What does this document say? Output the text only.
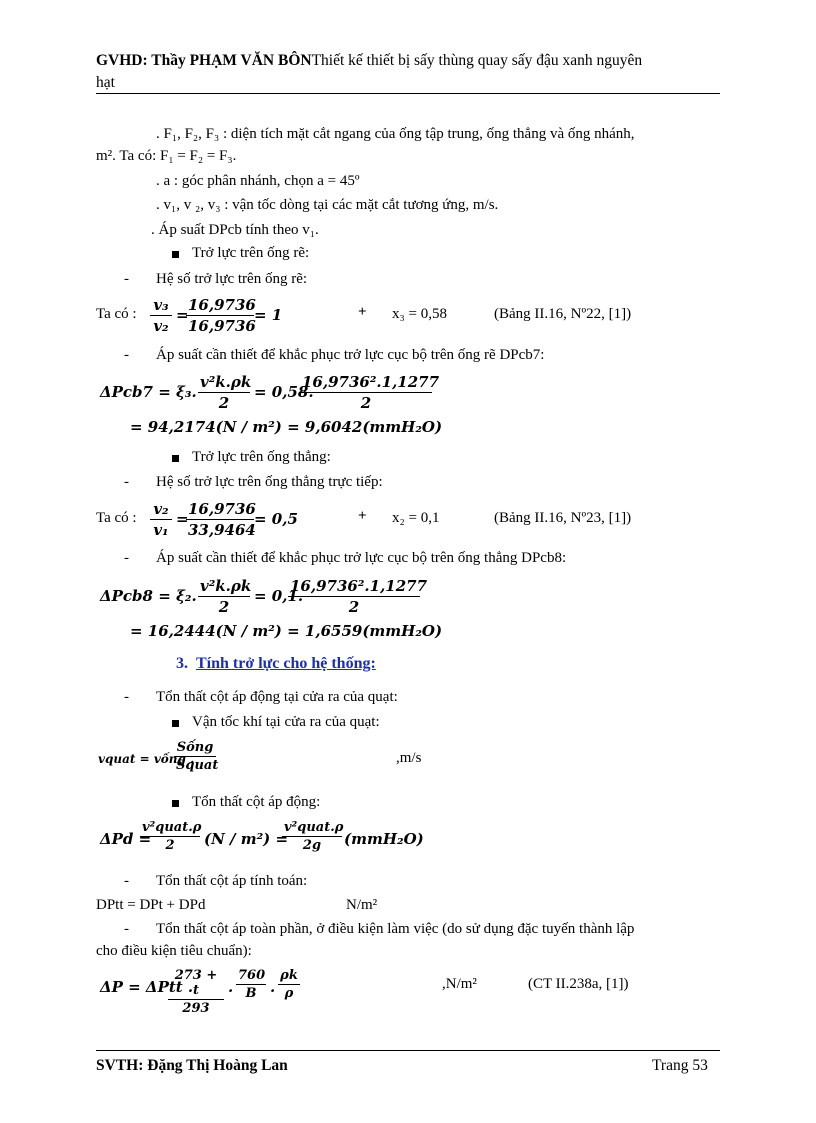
GVHD: Thầy PHẠM VĂN BÔNThiết kế thiết bị sấy thùng quay sấy đậu xanh nguyên
hạt
. F₁, F₂, F₃ : diện tích mặt cắt ngang của ống tập trung, ống thẳng và ống nhánh,
m². Ta có: F₁ = F₂ = F₃.
. a : góc phân nhánh, chọn a = 45º
. v₁, v ₂, v₃ : vận tốc dòng tại các mặt cắt tương ứng, m/s.
. Áp suất DPcb tính theo v₁.
Trở lực trên ống rẽ:
- Hệ số trở lực trên ống rẽ:
Ta có : $\frac{\text{v₃}}{\text{v₂}}$ =
$\frac{16,9736}{16,9736} = 1$	+ x₃ = 0,58	(Bảng II.16, Nº22, [1])
- Áp suất cần thiết để khắc phục trở lực cục bộ trên ống rẽ DPcb7:
ΔPcb7 = ξ₃. $\frac{\text{v²k.ρk}}{2} = 0,58$.
$\frac{\text{16,9736².1,1277}}{2}$
= 94,2174(N / m²) = 9,6042(mmH₂O)
Trở lực trên ống thẳng:
- Hệ số trở lực trên ống thẳng trực tiếp:
Ta có : $\frac{\text{v₂}}{\text{v₁}}$ =
$\frac{16,9736}{33,9464} = 0,5$	+ x₂ = 0,1	(Bảng II.16, Nº23, [1])
- Áp suất cần thiết để khắc phục trở lực cục bộ trên ống thẳng DPcb8:
ΔPcb8 = ξ₂. $\frac{\text{v²k.ρk}}{2} = 0,1$.
$\frac{\text{16,9736².1,1277}}{2}$
= 16,2444(N / m²) = 1,6559(mmH₂O)
3. Tính trở lực cho hệ thống:
- Tổn thất cột áp động tại cửa ra của quạt:
Vận tốc khí tại cửa ra của quạt:
vquat = vống .
Sống
Squat	,m/s
Tổn thất cột áp động:
ΔPd =
v²quat.ρ
2	(N / m²) =
v²quat.ρ
2g	(mmH₂O)
- Tổn thất cột áp tính toán:
DPtt = DPt + DPd	N/m²
- Tổn thất cột áp toàn phần, ở điều kiện làm việc (do sử dụng đặc tuyến thành lập
cho điều kiện tiêu chuẩn):
ΔP = ΔPtt .
$\frac{273 + t}{293}$ . $\frac{760}{B}$ . $\frac{\rho k}{\rho}$	,N/m²	(CT II.238a, [1])
SVTH: Đặng Thị Hoàng Lan	Trang 53
